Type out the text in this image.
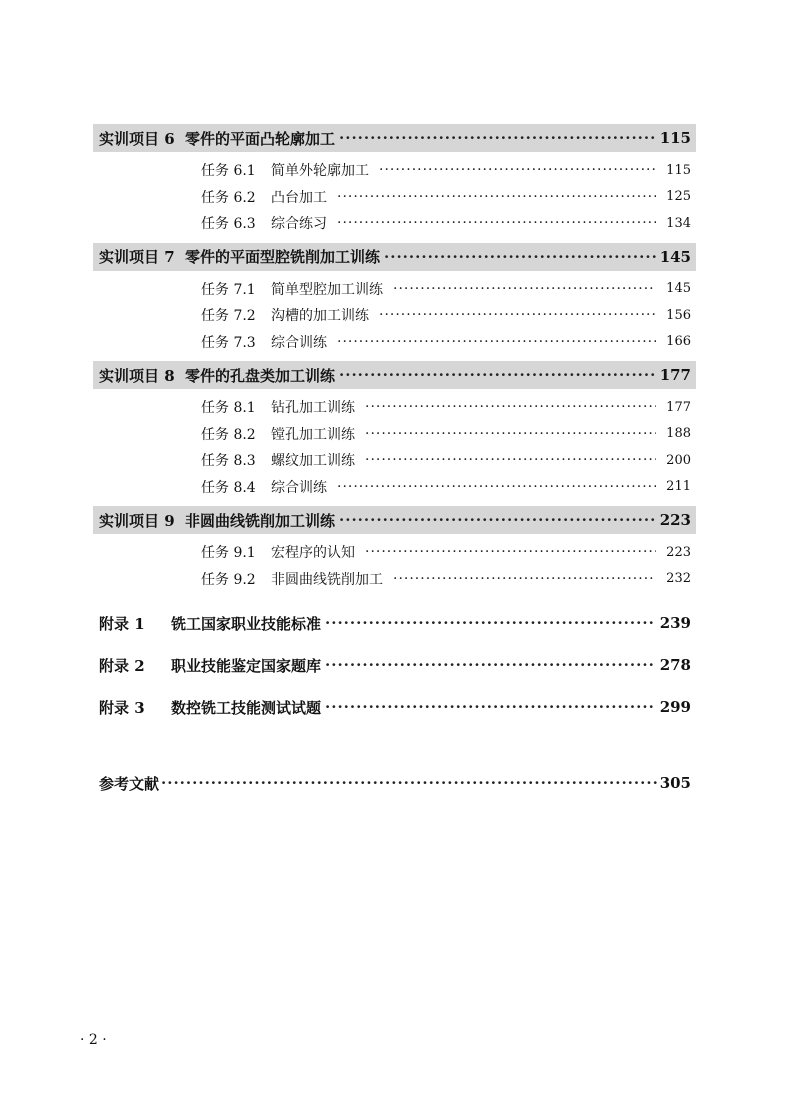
实训项目 6 零件的平面凸轮廓加工 ·····	115
任务 6.1	简单外轮廓加工 ·····	115
任务 6.2	凸台加工 ·····	125
任务 6.3	综合练习 ·····	134
实训项目 7 零件的平面型腔铣削加工训练 ·····	145
任务 7.1	简单型腔加工训练 ·····	145
任务 7.2	沟槽的加工训练 ·····	156
任务 7.3	综合训练 ·····	166
实训项目 8 零件的孔盘类加工训练 ·····	177
任务 8.1	钻孔加工训练 ·····	177
任务 8.2	镗孔加工训练 ·····	188
任务 8.3	螺纹加工训练 ·····	200
任务 8.4	综合训练 ·····	211
实训项目 9 非圆曲线铣削加工训练 ·····	223
任务 9.1	宏程序的认知 ·····	223
任务 9.2	非圆曲线铣削加工 ·····	232
附录 1	铣工国家职业技能标准 ·····	239
附录 2	职业技能鉴定国家题库 ·····	278
附录 3	数控铣工技能测试试题 ·····	299
参考文献 ·····	305
· 2 ·
